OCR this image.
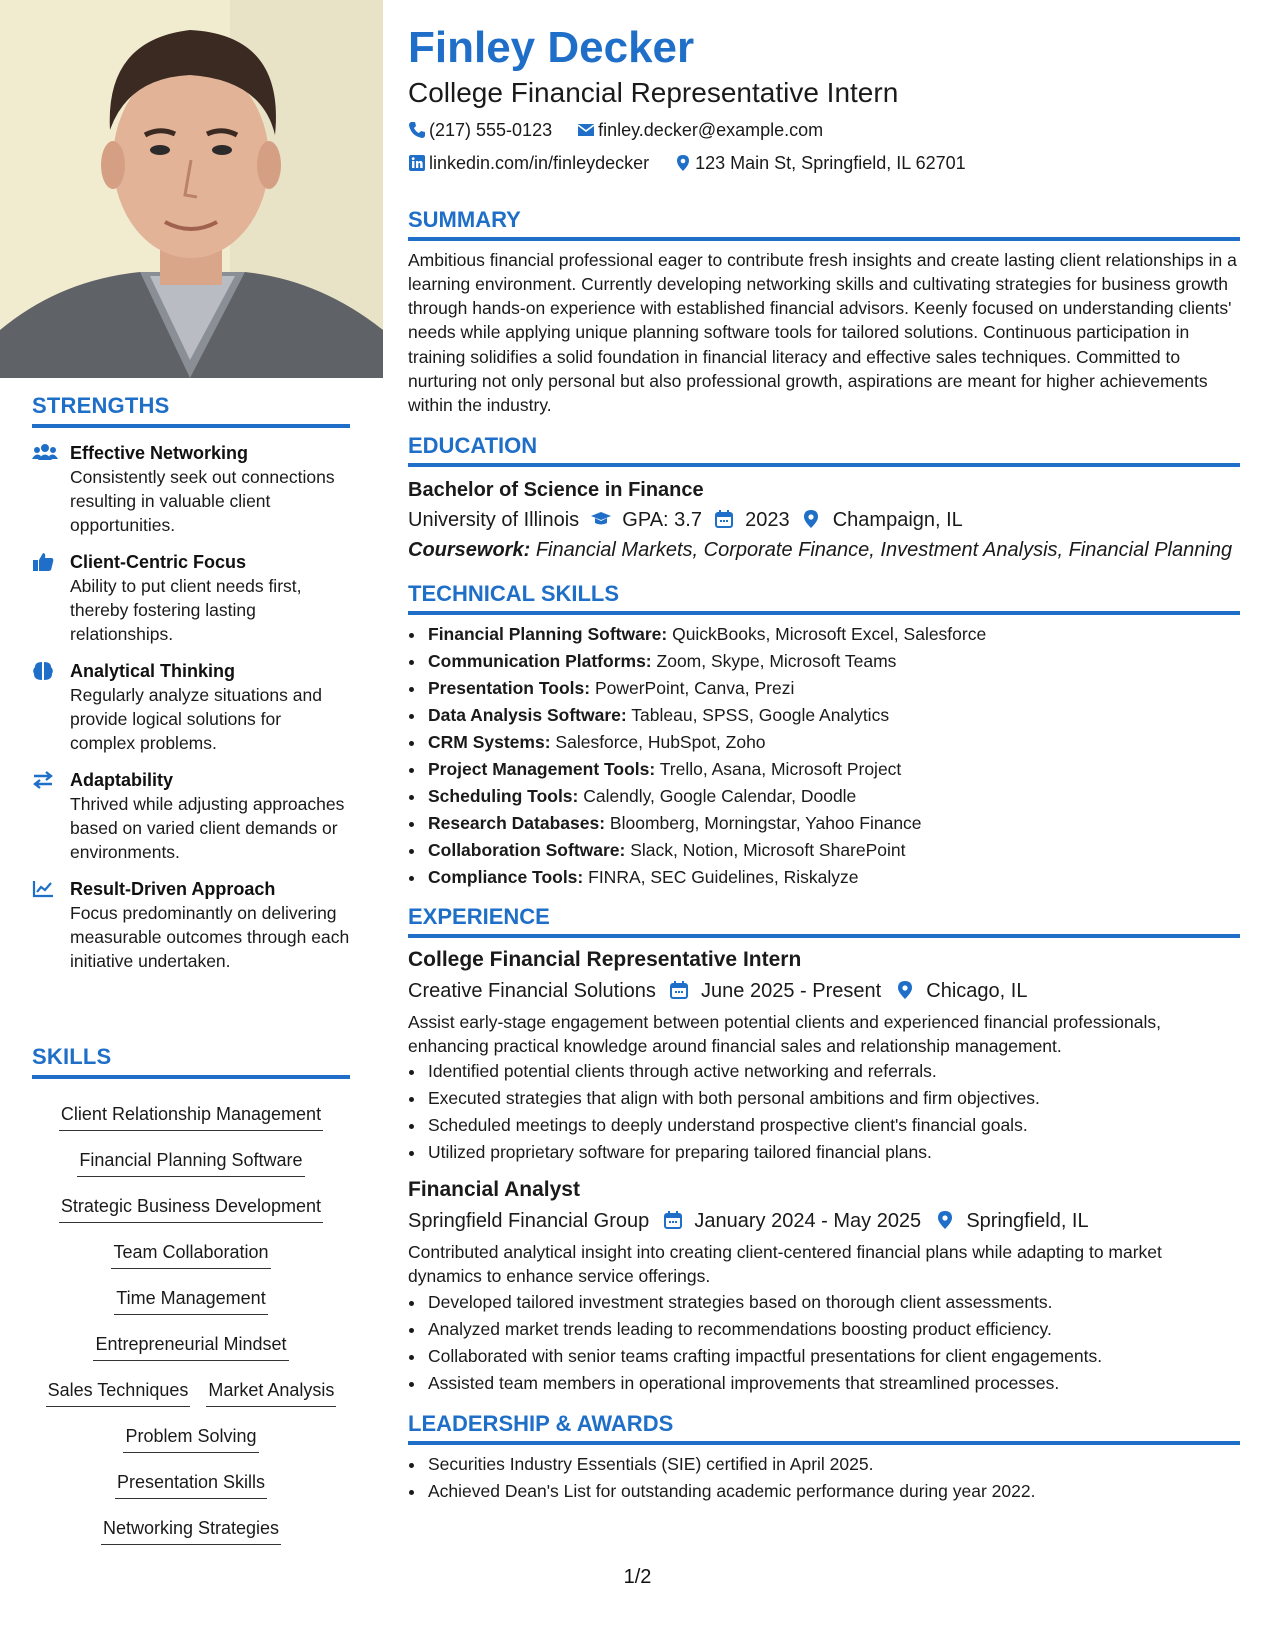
STRENGTHS
Effective Networking
Consistently seek out connections resulting in valuable client opportunities.
Client-Centric Focus
Ability to put client needs first, thereby fostering lasting relationships.
Analytical Thinking
Regularly analyze situations and provide logical solutions for complex problems.
Adaptability
Thrived while adjusting approaches based on varied client demands or environments.
Result-Driven Approach
Focus predominantly on delivering measurable outcomes through each initiative undertaken.
SKILLS
Client Relationship Management
Financial Planning Software
Strategic Business Development
Team Collaboration
Time Management
Entrepreneurial Mindset
Sales Techniques Market Analysis
Problem Solving
Presentation Skills
Networking Strategies
Finley Decker
College Financial Representative Intern
(217) 555-0123	finley.decker@example.com
linkedin.com/in/finleydecker	123 Main St, Springfield, IL 62701
SUMMARY

Ambitious financial professional eager to contribute fresh insights and create lasting client relationships in a learning environment. Currently developing networking skills and cultivating strategies for business growth through hands-on experience with established financial advisors. Keenly focused on understanding clients' needs while applying unique planning software tools for tailored solutions. Continuous participation in training solidifies a solid foundation in financial literacy and effective sales techniques. Committed to nurturing not only personal but also professional growth, aspirations are meant for higher achievements within the industry.

EDUCATION
Bachelor of Science in Finance
University of Illinois GPA: 3.7 2023 Champaign, IL
Coursework: Financial Markets, Corporate Finance, Investment Analysis, Financial Planning
TECHNICAL SKILLS
• Financial Planning Software: QuickBooks, Microsoft Excel, Salesforce
• Communication Platforms: Zoom, Skype, Microsoft Teams
• Presentation Tools: PowerPoint, Canva, Prezi
• Data Analysis Software: Tableau, SPSS, Google Analytics
• CRM Systems: Salesforce, HubSpot, Zoho
• Project Management Tools: Trello, Asana, Microsoft Project
• Scheduling Tools: Calendly, Google Calendar, Doodle
• Research Databases: Bloomberg, Morningstar, Yahoo Finance
• Collaboration Software: Slack, Notion, Microsoft SharePoint
• Compliance Tools: FINRA, SEC Guidelines, Riskalyze
EXPERIENCE
College Financial Representative Intern
Creative Financial Solutions June 2025 - Present Chicago, IL

Assist early-stage engagement between potential clients and experienced financial professionals, enhancing practical knowledge around financial sales and relationship management.

• Identified potential clients through active networking and referrals.
• Executed strategies that align with both personal ambitions and firm objectives.
• Scheduled meetings to deeply understand prospective client's financial goals.
• Utilized proprietary software for preparing tailored financial plans.
Financial Analyst
Springfield Financial Group January 2024 - May 2025 Springfield, IL

Contributed analytical insight into creating client-centered financial plans while adapting to market dynamics to enhance service offerings.

• Developed tailored investment strategies based on thorough client assessments.
• Analyzed market trends leading to recommendations boosting product efficiency.
• Collaborated with senior teams crafting impactful presentations for client engagements.
• Assisted team members in operational improvements that streamlined processes.
LEADERSHIP & AWARDS
• Securities Industry Essentials (SIE) certified in April 2025.
• Achieved Dean's List for outstanding academic performance during year 2022.
1/2
